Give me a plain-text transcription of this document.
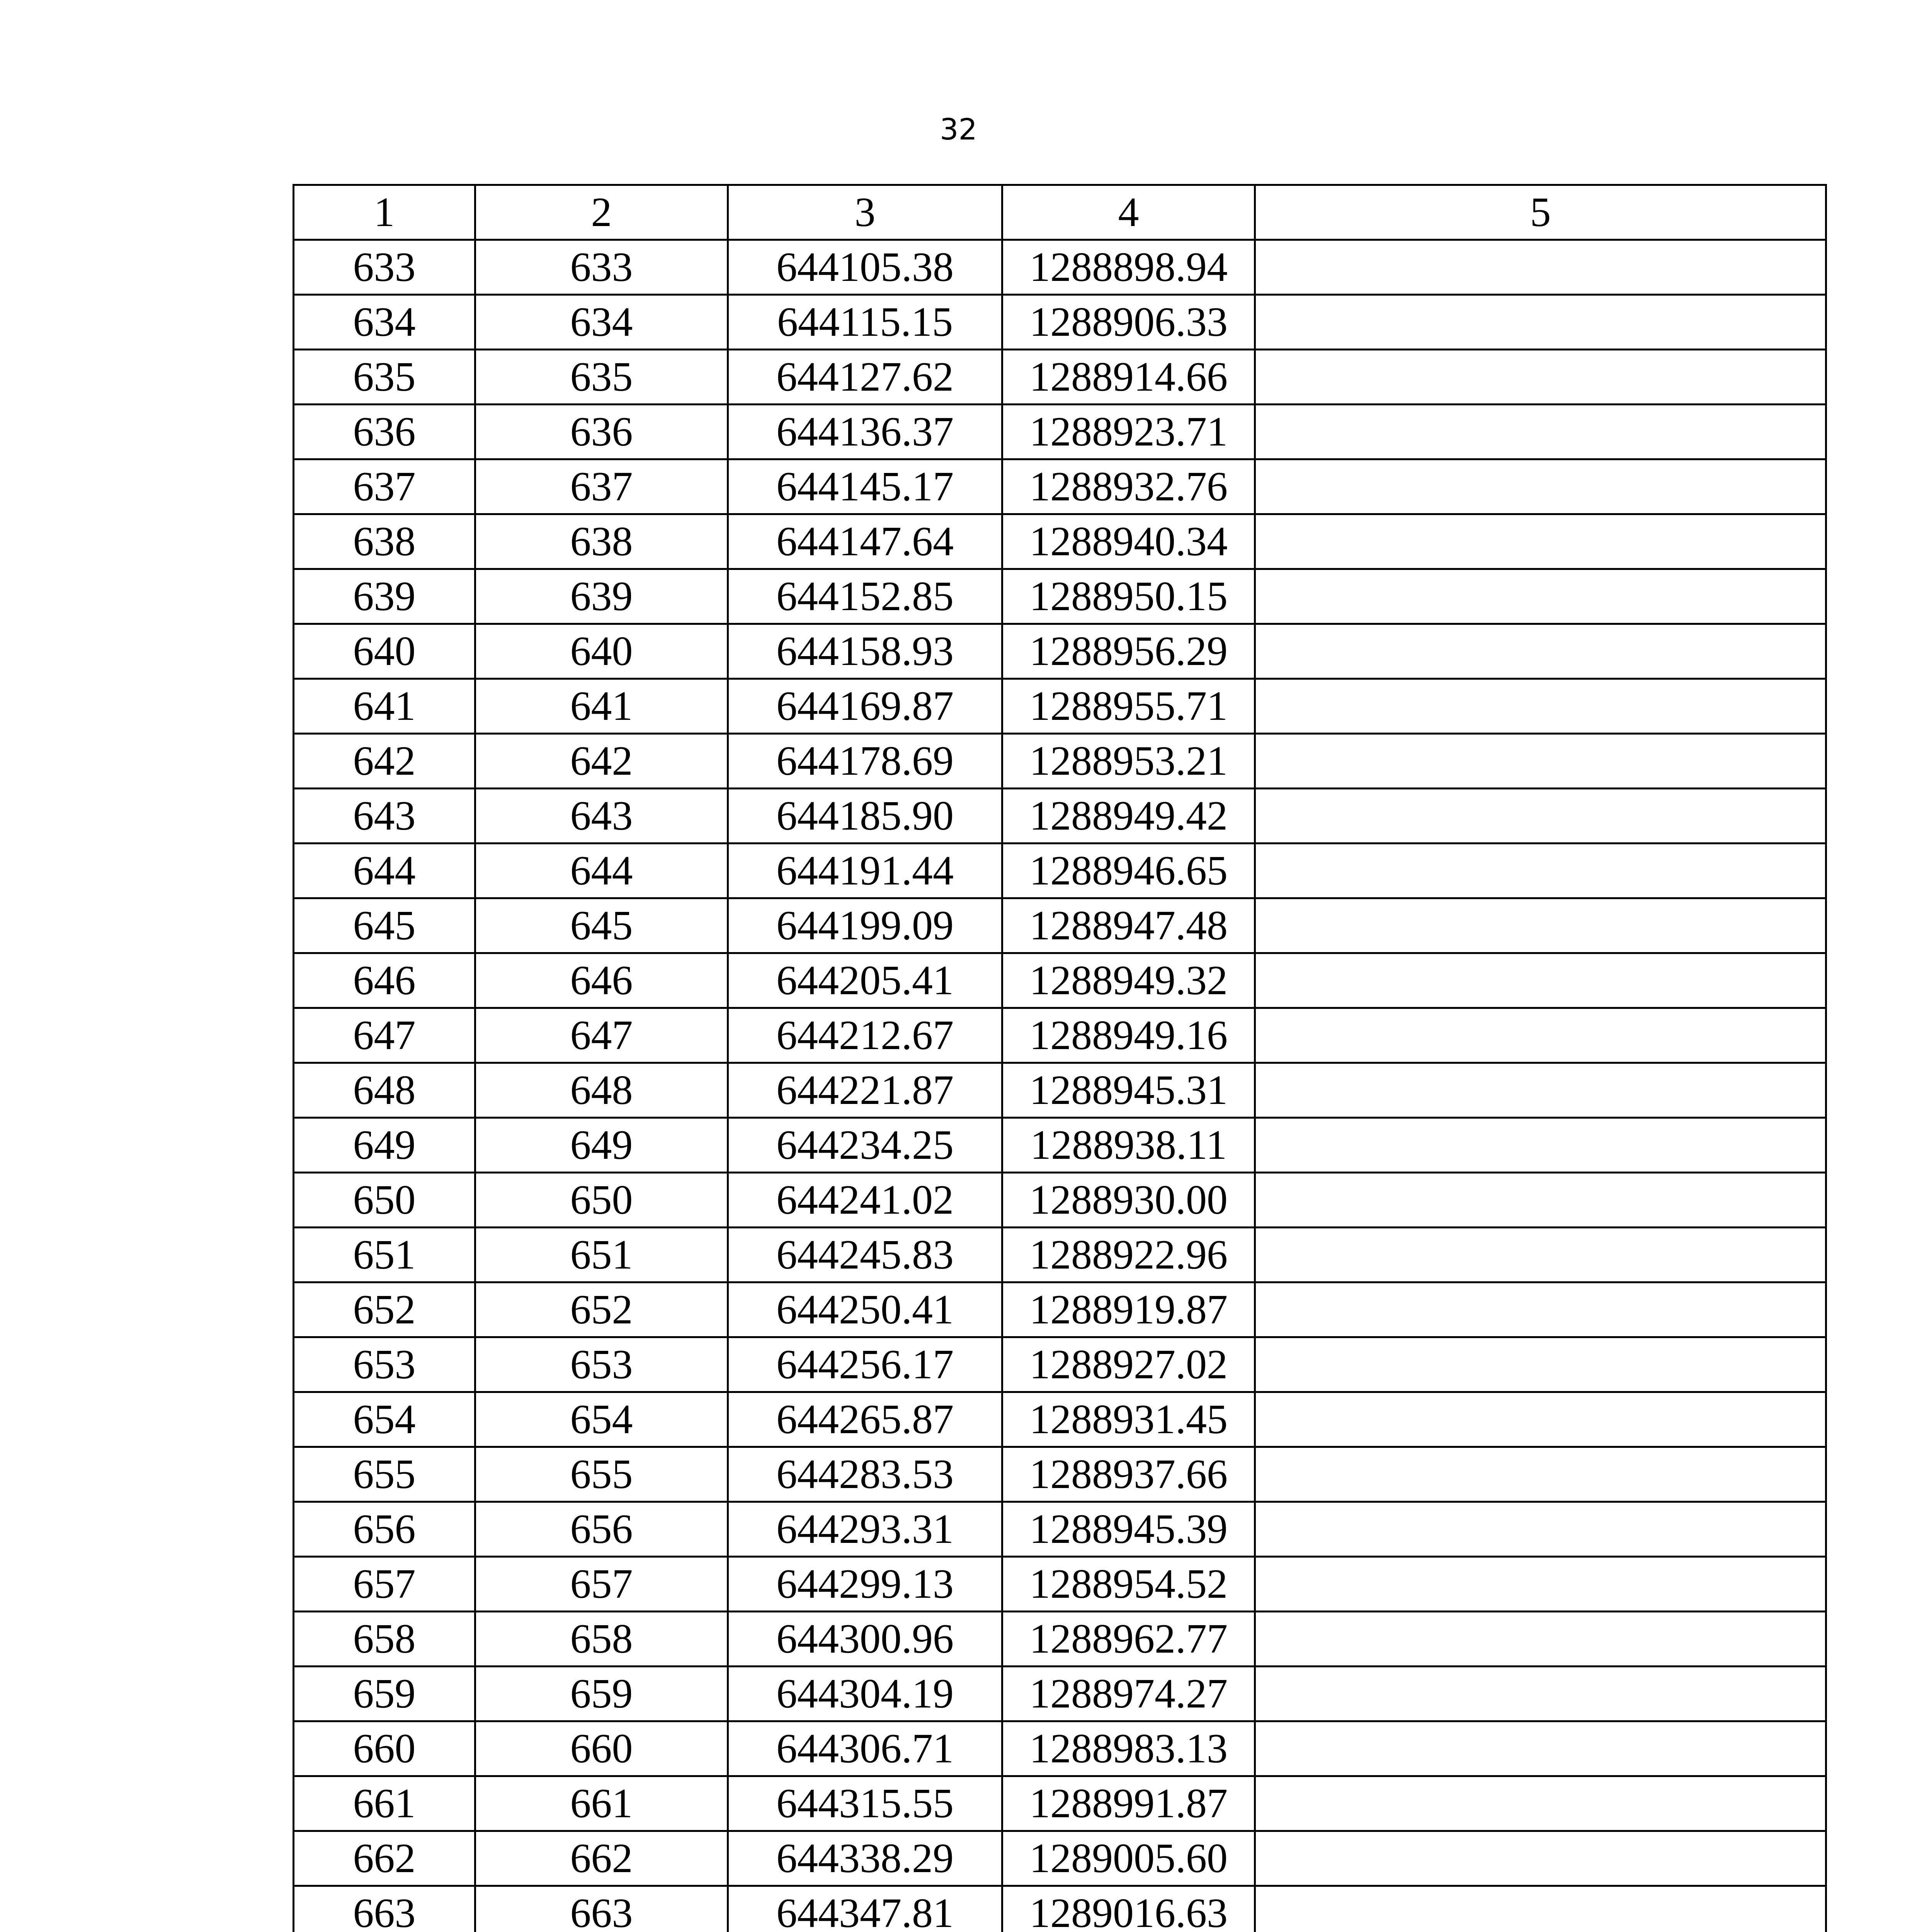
32
1	2	3	4	5
633	633	644105.38	1288898.94	
634	634	644115.15	1288906.33	
635	635	644127.62	1288914.66	
636	636	644136.37	1288923.71	
637	637	644145.17	1288932.76	
638	638	644147.64	1288940.34	
639	639	644152.85	1288950.15	
640	640	644158.93	1288956.29	
641	641	644169.87	1288955.71	
642	642	644178.69	1288953.21	
643	643	644185.90	1288949.42	
644	644	644191.44	1288946.65	
645	645	644199.09	1288947.48	
646	646	644205.41	1288949.32	
647	647	644212.67	1288949.16	
648	648	644221.87	1288945.31	
649	649	644234.25	1288938.11	
650	650	644241.02	1288930.00	
651	651	644245.83	1288922.96	
652	652	644250.41	1288919.87	
653	653	644256.17	1288927.02	
654	654	644265.87	1288931.45	
655	655	644283.53	1288937.66	
656	656	644293.31	1288945.39	
657	657	644299.13	1288954.52	
658	658	644300.96	1288962.77	
659	659	644304.19	1288974.27	
660	660	644306.71	1288983.13	
661	661	644315.55	1288991.87	
662	662	644338.29	1289005.60	
663	663	644347.81	1289016.63	
